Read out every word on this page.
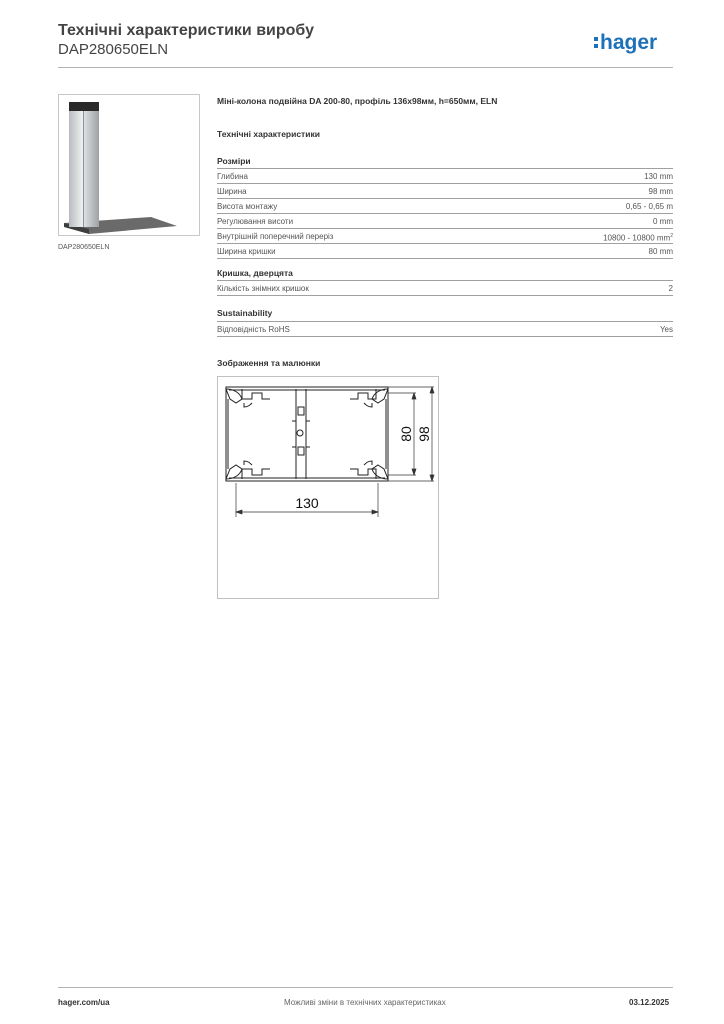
Технічні характеристики виробу
DAP280650ELN	hager
DAP280650ELN
Міні-колона подвійна DA 200-80, профіль 136x98мм, h=650мм, ELN
Технічні характеристики
Розміри
Глибина	130 mm
Ширина	98 mm
Висота монтажу	0,65 - 0,65 m
Регулювання висоти	0 mm
Внутрішній поперечний переріз	10800 - 10800 $mm^2$
Ширина кришки	80 mm
Кришка, дверцята
Кількість знімних кришок	2
Sustainability
Відповідність RoHS	Yes
Зображення та малюнки
130
80 98
hager.com/ua	Можливі зміни в технічних характеристиках	03.12.2025
